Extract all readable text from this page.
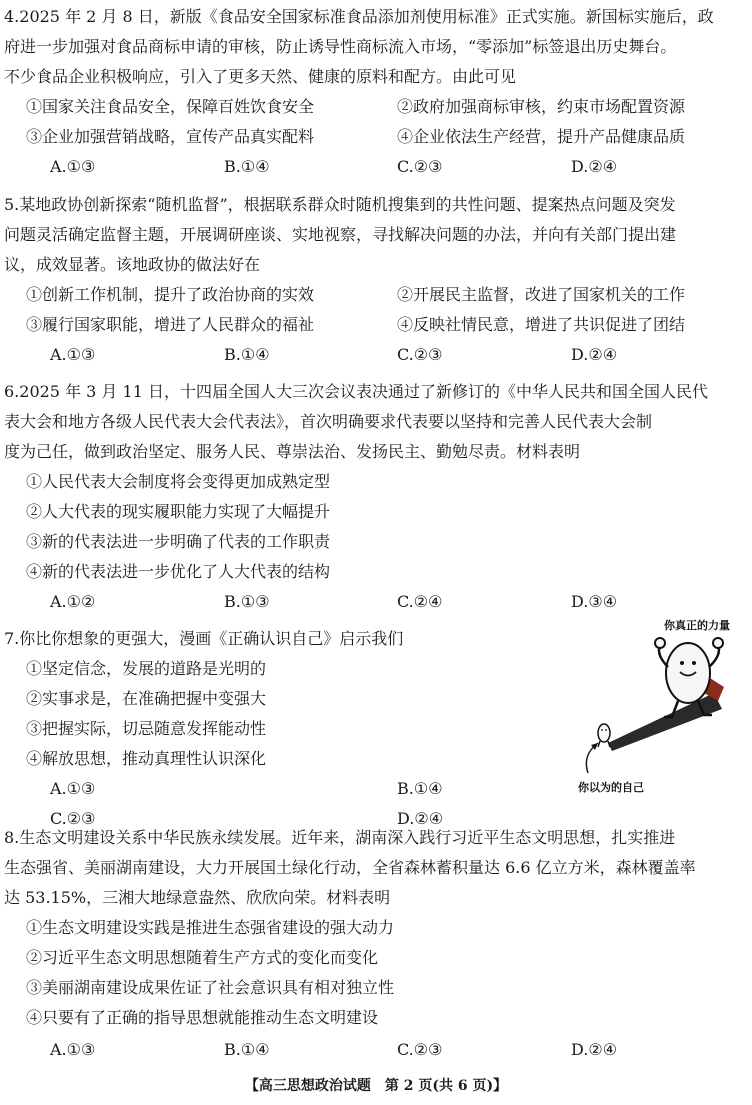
4.2025 年 2 月 8 日，新版《食品安全国家标准食品添加剂使用标准》正式实施。新国标实施后，政
府进一步加强对食品商标申请的审核，防止诱导性商标流入市场，“零添加”标签退出历史舞台。
不少食品企业积极响应，引入了更多天然、健康的原料和配方。由此可见
①国家关注食品安全，保障百姓饮食安全	②政府加强商标审核，约束市场配置资源
③企业加强营销战略，宣传产品真实配料	④企业依法生产经营，提升产品健康品质
A.①③	B.①④	C.②③	D.②④
5.某地政协创新探索“随机监督”，根据联系群众时随机搜集到的共性问题、提案热点问题及突发
问题灵活确定监督主题，开展调研座谈、实地视察，寻找解决问题的办法，并向有关部门提出建
议，成效显著。该地政协的做法好在
①创新工作机制，提升了政治协商的实效	②开展民主监督，改进了国家机关的工作
③履行国家职能，增进了人民群众的福祉	④反映社情民意，增进了共识促进了团结
A.①③	B.①④	C.②③	D.②④
6.2025 年 3 月 11 日，十四届全国人大三次会议表决通过了新修订的《中华人民共和国全国人民代
表大会和地方各级人民代表大会代表法》，首次明确要求代表要以坚持和完善人民代表大会制
度为己任，做到政治坚定、服务人民、尊崇法治、发扬民主、勤勉尽责。材料表明
①人民代表大会制度将会变得更加成熟定型
②人大代表的现实履职能力实现了大幅提升
③新的代表法进一步明确了代表的工作职责
④新的代表法进一步优化了人大代表的结构
A.①②	B.①③	C.②④	D.③④
7.你比你想象的更强大，漫画《正确认识自己》启示我们
①坚定信念，发展的道路是光明的
②实事求是，在准确把握中变强大
③把握实际，切忌随意发挥能动性
④解放思想，推动真理性认识深化
A.①③	B.①④
C.②③	D.②④
你真正的力量
你以为的自己
8.生态文明建设关系中华民族永续发展。近年来，湖南深入践行习近平生态文明思想，扎实推进
生态强省、美丽湖南建设，大力开展国土绿化行动，全省森林蓄积量达 6.6 亿立方米，森林覆盖率
达 53.15%，三湘大地绿意盎然、欣欣向荣。材料表明
①生态文明建设实践是推进生态强省建设的强大动力
②习近平生态文明思想随着生产方式的变化而变化
③美丽湖南建设成果佐证了社会意识具有相对独立性
④只要有了正确的指导思想就能推动生态文明建设
A.①③	B.①④	C.②③	D.②④
【高三思想政治试题　第 2 页(共 6 页)】
